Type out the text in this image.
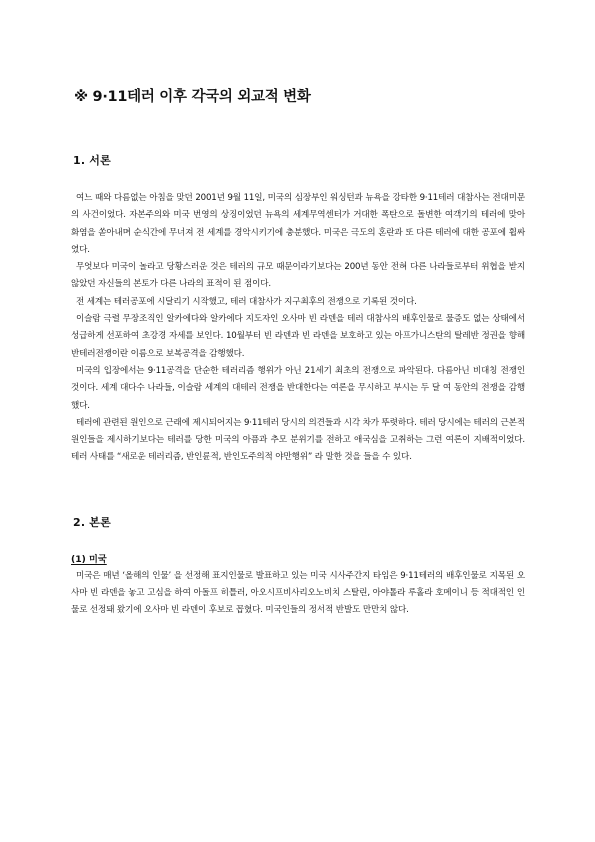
※ 9·11테러 이후 각국의 외교적 변화
1. 서론

여느 때와 다름없는 아침을 맞던 2001년 9월 11일, 미국의 심장부인 워싱턴과 뉴욕을 강타한 9·11테러 대참사는 전대미문의 사건이었다. 자본주의와 미국 번영의 상징이었던 뉴욕의 세계무역센터가 거대한 폭탄으로 돌변한 여객기의 테러에 맞아 화염을 쏟아내며 순식간에 무너져 전 세계를 경악시키기에 충분했다. 미국은 극도의 혼란과 또 다른 테러에 대한 공포에 휩싸였다.

무엇보다 미국이 놀라고 당황스러운 것은 테러의 규모 때문이라기보다는 200년 동안 전혀 다른 나라들로부터 위협을 받지 않았던 자신들의 본토가 다른 나라의 표적이 된 점이다.

전 세계는 테러공포에 시달리기 시작했고, 테러 대참사가 지구최후의 전쟁으로 기록된 것이다.

이슬람 극렬 무장조직인 알카에다와 알카에다 지도자인 오사마 빈 라덴을 테러 대참사의 배후인물로 물증도 없는 상태에서 성급하게 선포하여 초강경 자세를 보인다. 10월부터 빈 라덴과 빈 라덴을 보호하고 있는 아프가니스탄의 탈레반 정권을 향해 반테러전쟁이란 이름으로 보복공격을 감행했다.

미국의 입장에서는 9·11공격을 단순한 테러리즘 행위가 아닌 21세기 최초의 전쟁으로 파악된다. 다름아닌 비대칭 전쟁인 것이다. 세계 대다수 나라들, 이슬람 세계의 대테러 전쟁을 반대한다는 여론을 무시하고 부시는 두 달 여 동안의 전쟁을 감행했다.

테러에 관련된 원인으로 근래에 제시되어지는 9·11테러 당시의 의견들과 시각 차가 뚜렷하다. 테러 당시에는 테러의 근본적 원인들을 제시하기보다는 테러를 당한 미국의 아픔과 추모 분위기를 전하고 애국심을 고취하는 그런 여론이 지배적이었다. 테러 사태를 “새로운 테러리즘, 반인륜적, 반인도주의적 야만행위” 라 말한 것을 들을 수 있다.

2. 본론
(1) 미국

미국은 매년 ‘올해의 인물’ 을 선정해 표지인물로 발표하고 있는 미국 시사주간지 타임은 9·11테러의 배후인물로 지목된 오사마 빈 라덴을 놓고 고심을 하여 아돌프 히틀러, 아오시프비사리오노비치 스탈린, 아야톨라 루홀라 호메이니 등 적대적인 인물로 선정돼 왔기에 오사마 빈 라덴이 후보로 꼽혔다. 미국인들의 정서적 반발도 만만치 않다.
